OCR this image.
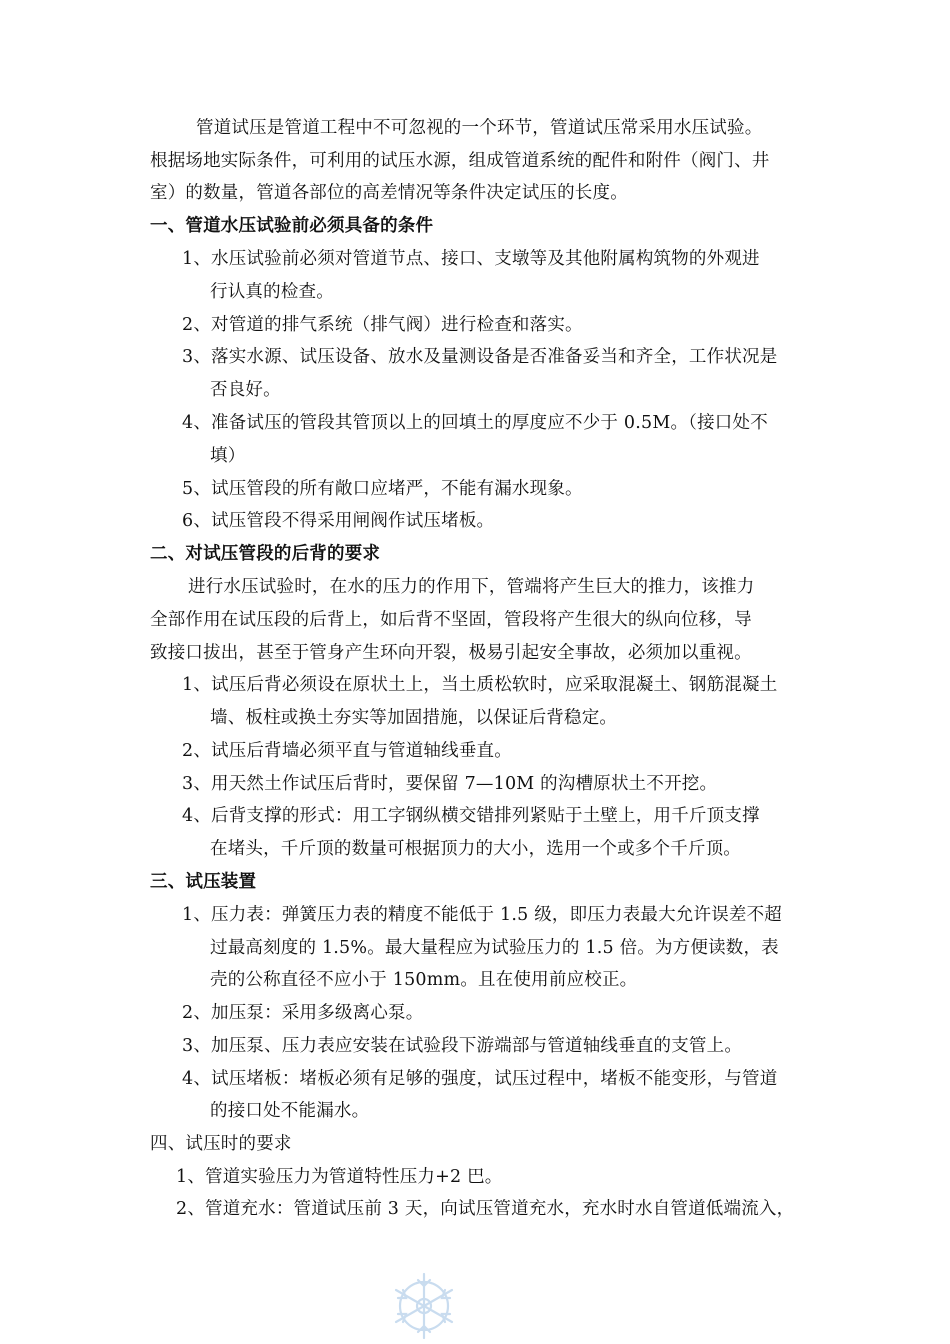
管道试压是管道工程中不可忽视的一个环节，管道试压常采用水压试验。
根据场地实际条件，可利用的试压水源，组成管道系统的配件和附件（阀门、井
室）的数量，管道各部位的高差情况等条件决定试压的长度。
一、管道水压试验前必须具备的条件
1、水压试验前必须对管道节点、接口、支墩等及其他附属构筑物的外观进
行认真的检查。
2、对管道的排气系统（排气阀）进行检查和落实。
3、落实水源、试压设备、放水及量测设备是否准备妥当和齐全，工作状况是
否良好。
4、准备试压的管段其管顶以上的回填土的厚度应不少于 0.5M。（接口处不
填）
5、试压管段的所有敞口应堵严，不能有漏水现象。
6、试压管段不得采用闸阀作试压堵板。
二、对试压管段的后背的要求
进行水压试验时，在水的压力的作用下，管端将产生巨大的推力，该推力
全部作用在试压段的后背上，如后背不坚固，管段将产生很大的纵向位移，导
致接口拔出，甚至于管身产生环向开裂，极易引起安全事故，必须加以重视。
1、试压后背必须设在原状土上，当土质松软时，应采取混凝土、钢筋混凝土
墙、板柱或换土夯实等加固措施，以保证后背稳定。
2、试压后背墙必须平直与管道轴线垂直。
3、用天然土作试压后背时，要保留 7—10M 的沟槽原状土不开挖。
4、后背支撑的形式：用工字钢纵横交错排列紧贴于土壁上，用千斤顶支撑
在堵头，千斤顶的数量可根据顶力的大小，选用一个或多个千斤顶。
三、试压装置
1、压力表：弹簧压力表的精度不能低于 1.5 级，即压力表最大允许误差不超
过最高刻度的 1.5%。最大量程应为试验压力的 1.5 倍。为方便读数，表
壳的公称直径不应小于 150mm。且在使用前应校正。
2、加压泵：采用多级离心泵。
3、加压泵、压力表应安装在试验段下游端部与管道轴线垂直的支管上。
4、试压堵板：堵板必须有足够的强度，试压过程中，堵板不能变形，与管道
的接口处不能漏水。
四、试压时的要求
1、管道实验压力为管道特性压力+2 巴。
2、管道充水：管道试压前 3 天，向试压管道充水，充水时水自管道低端流入，
